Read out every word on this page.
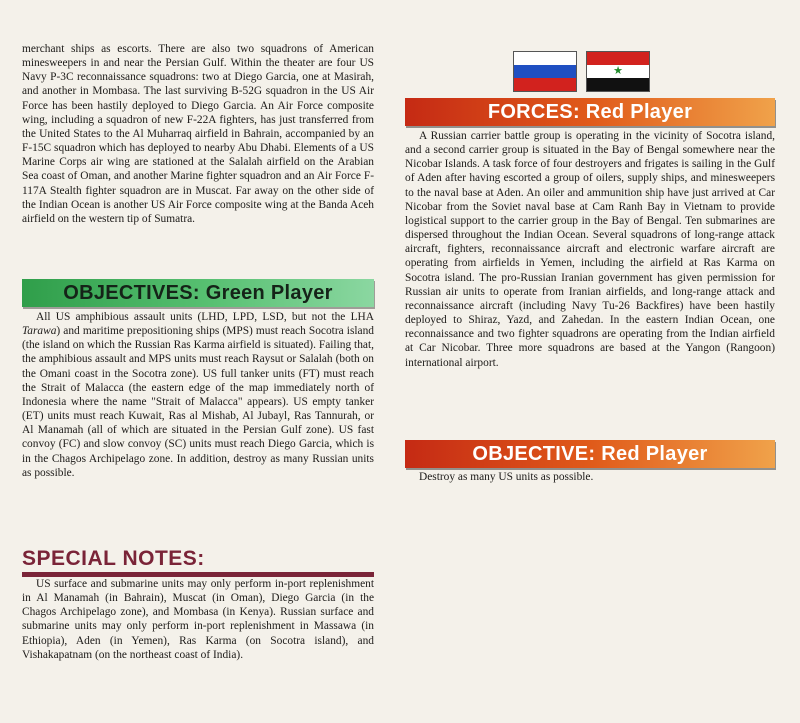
merchant ships as escorts. There are also two squadrons of American minesweepers in and near the Persian Gulf. Within the theater are four US Navy P-3C reconnaissance squadrons: two at Diego Garcia, one at Masirah, and another in Mombasa. The last surviving B-52G squadron in the US Air Force has been hastily deployed to Diego Garcia. An Air Force composite wing, including a squadron of new F-22A fighters, has just transferred from the United States to the Al Muharraq airfield in Bahrain, accompanied by an F-15C squadron which has deployed to nearby Abu Dhabi. Elements of a US Marine Corps air wing are stationed at the Salalah airfield on the Arabian Sea coast of Oman, and another Marine fighter squadron and an Air Force F-117A Stealth fighter squadron are in Muscat. Far away on the other side of the Indian Ocean is another US Air Force composite wing at the Banda Aceh airfield on the western tip of Sumatra.

OBJECTIVES: Green Player

All US amphibious assault units (LHD, LPD, LSD, but not the LHA Tarawa) and maritime prepositioning ships (MPS) must reach Socotra island (the island on which the Russian Ras Karma airfield is situated). Failing that, the amphibious assault and MPS units must reach Raysut or Salalah (both on the Omani coast in the Socotra zone). US full tanker units (FT) must reach the Strait of Malacca (the eastern edge of the map immediately north of Indonesia where the name "Strait of Malacca" appears). US empty tanker (ET) units must reach Kuwait, Ras al Mishab, Al Jubayl, Ras Tannurah, or Al Manamah (all of which are situated in the Persian Gulf zone). US fast convoy (FC) and slow convoy (SC) units must reach Diego Garcia, which is in the Chagos Archipelago zone. In addition, destroy as many Russian units as possible.

SPECIAL NOTES:

US surface and submarine units may only perform in-port replenishment in Al Manamah (in Bahrain), Muscat (in Oman), Diego Garcia (in the Chagos Archipelago zone), and Mombasa (in Kenya). Russian surface and submarine units may only perform in-port replenishment in Massawa (in Ethiopia), Aden (in Yemen), Ras Karma (on Socotra island), and Vishakapatnam (on the northeast coast of India).

★
FORCES: Red Player

A Russian carrier battle group is operating in the vicinity of Socotra island, and a second carrier group is situated in the Bay of Bengal somewhere near the Nicobar Islands. A task force of four destroyers and frigates is sailing in the Gulf of Aden after having escorted a group of oilers, supply ships, and minesweepers to the naval base at Aden. An oiler and ammunition ship have just arrived at Car Nicobar from the Soviet naval base at Cam Ranh Bay in Vietnam to provide logistical support to the carrier group in the Bay of Bengal. Ten submarines are dispersed throughout the Indian Ocean. Several squadrons of long-range attack aircraft, fighters, reconnaissance aircraft and electronic warfare aircraft are operating from airfields in Yemen, including the airfield at Ras Karma on Socotra island. The pro-Russian Iranian government has given permission for Russian air units to operate from Iranian airfields, and long-range attack and reconnaissance aircraft (including Navy Tu-26 Backfires) have been hastily deployed to Shiraz, Yazd, and Zahedan. In the eastern Indian Ocean, one reconnaissance and two fighter squadrons are operating from the Indian airfield at Car Nicobar. Three more squadrons are based at the Yangon (Rangoon) international airport.

OBJECTIVE: Red Player

Destroy as many US units as possible.
